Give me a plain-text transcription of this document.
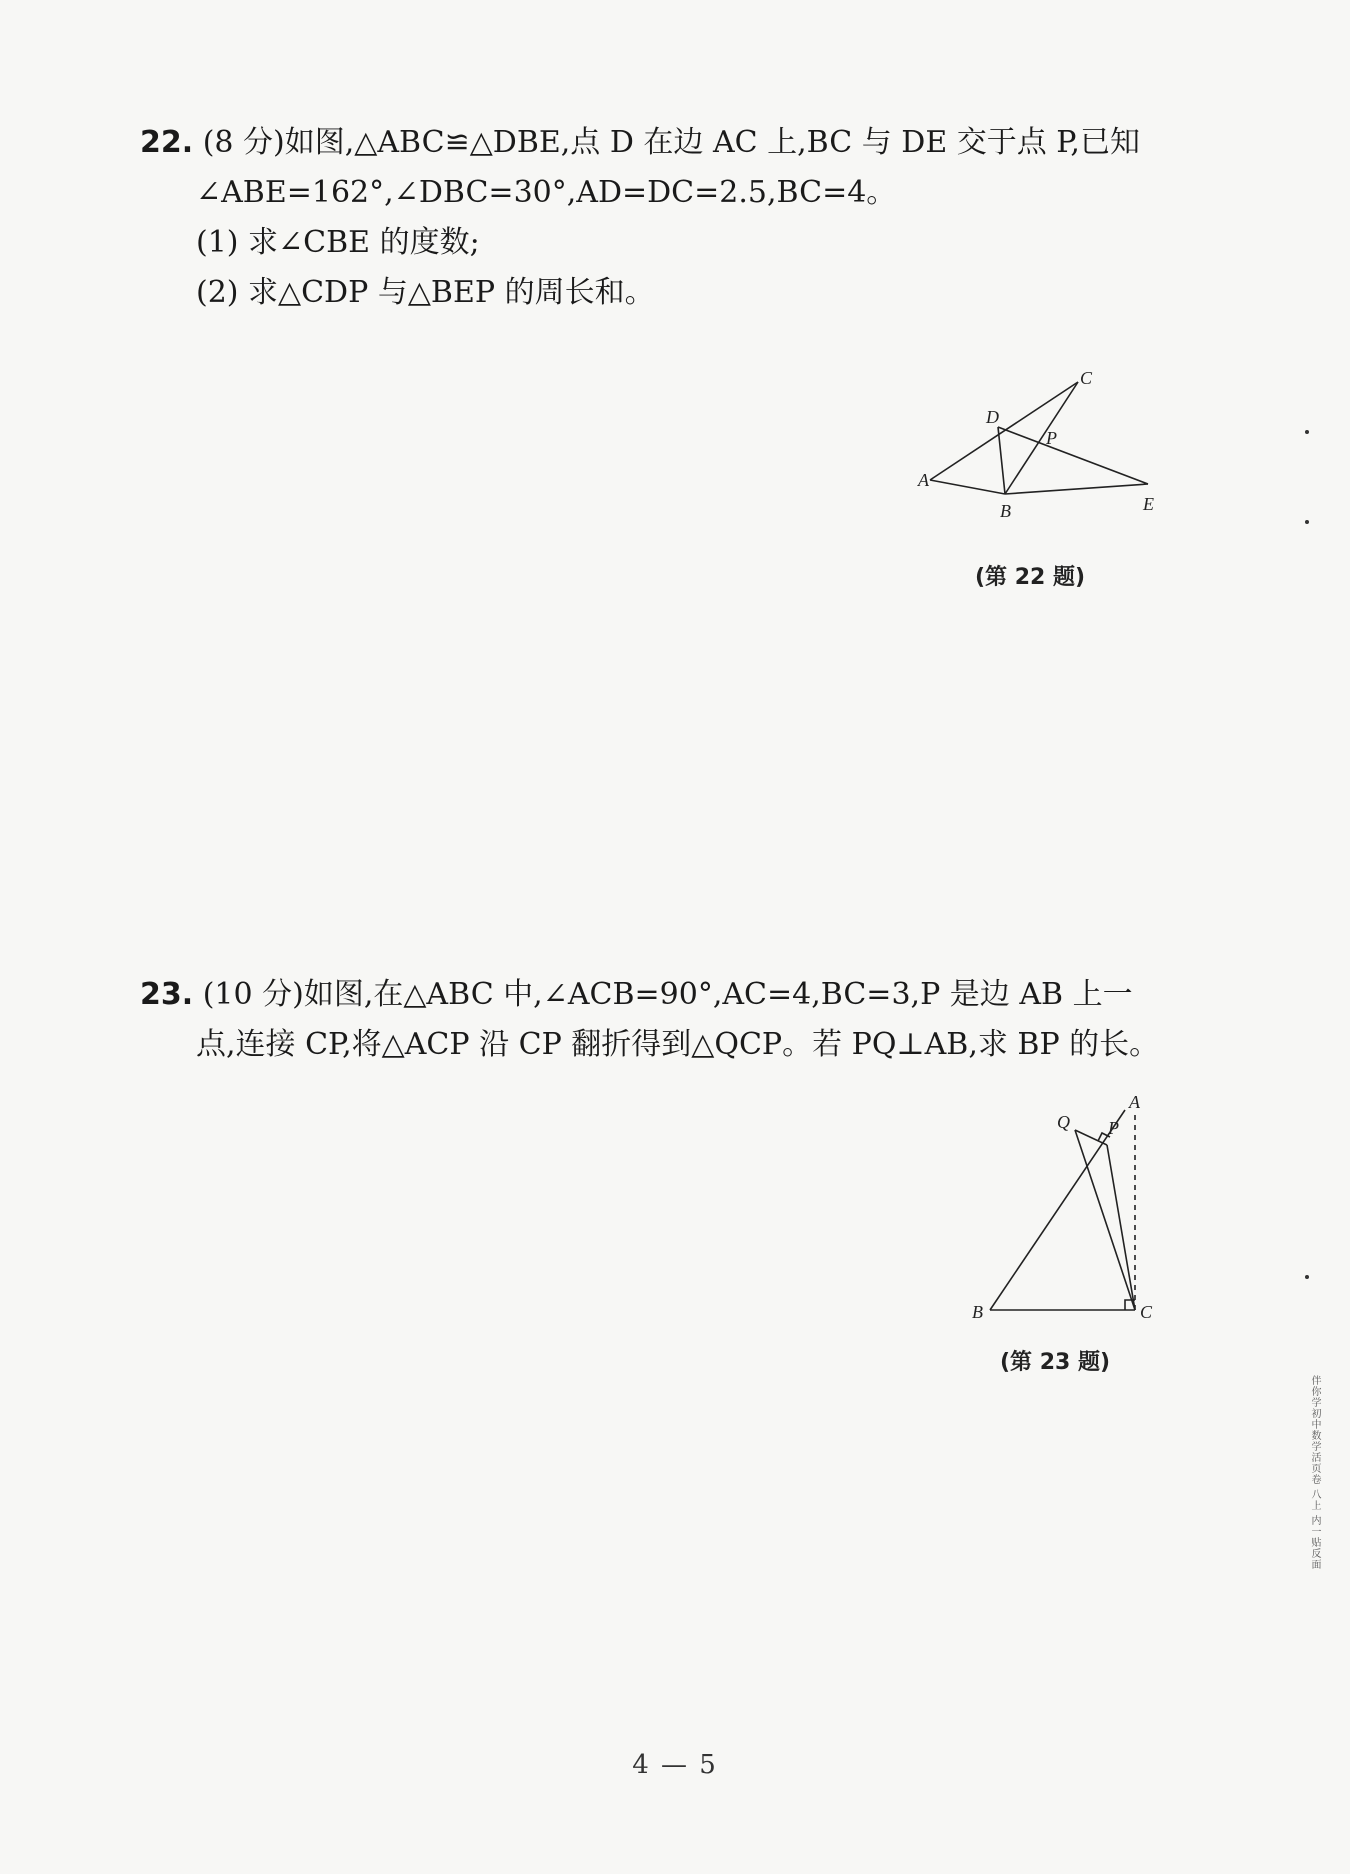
22. (8 分)如图,△ABC≌△DBE,点 D 在边 AC 上,BC 与 DE 交于点 P,已知
∠ABE=162°,∠DBC=30°,AD=DC=2.5,BC=4。
(1) 求∠CBE 的度数;
(2) 求△CDP 与△BEP 的周长和。
A
B
C
D
E
P
(第 22 题)
23. (10 分)如图,在△ABC 中,∠ACB=90°,AC=4,BC=3,P 是边 AB 上一
点,连接 CP,将△ACP 沿 CP 翻折得到△QCP。若 PQ⊥AB,求 BP 的长。
A
B	C
P
Q
(第 23 题)
4 — 5
伴你学初中数学活页卷 八上 内一贴反面
